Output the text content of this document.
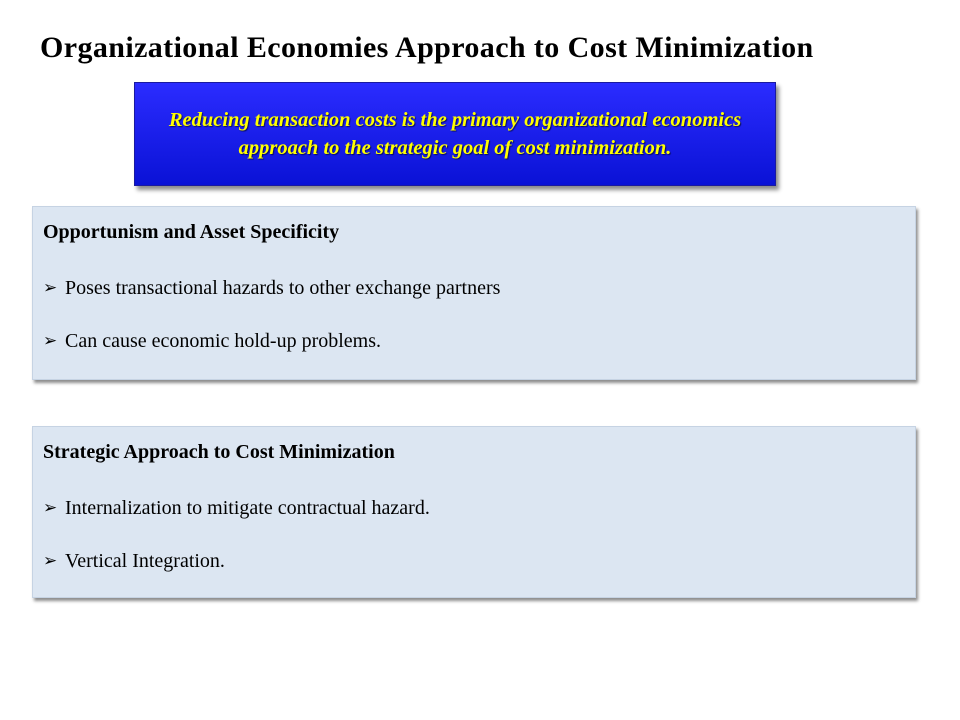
Organizational Economies Approach to Cost Minimization
Reducing transaction costs is the primary organizational economics approach to the strategic goal of cost minimization.
Opportunism and Asset Specificity
➢ Poses transactional hazards to other exchange partners
➢ Can cause economic hold-up problems.
Strategic Approach to Cost Minimization
➢ Internalization to mitigate contractual hazard.
➢ Vertical Integration.
